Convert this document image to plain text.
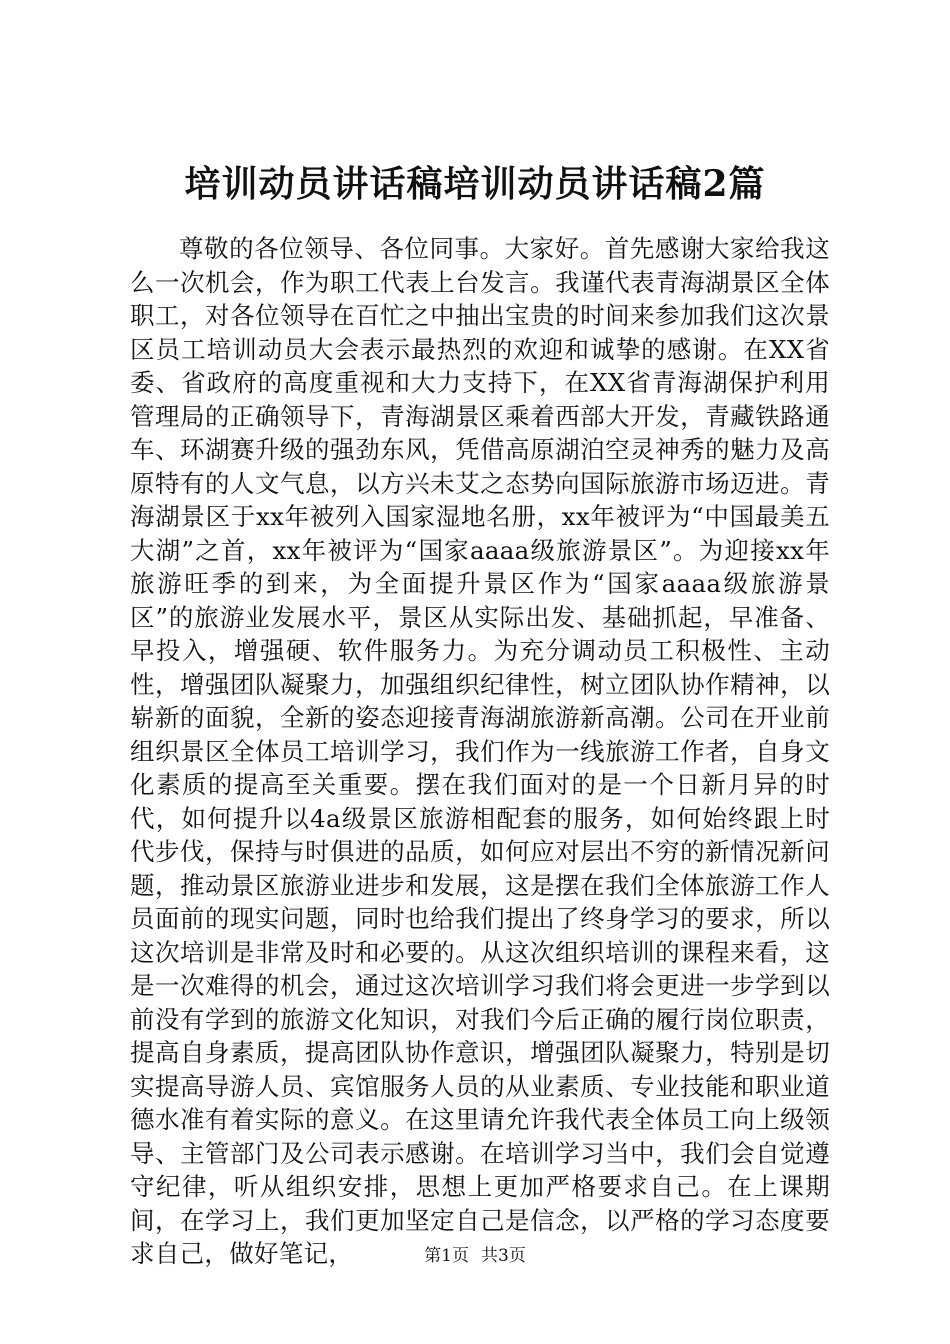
培训动员讲话稿培训动员讲话稿2篇

尊敬的各位领导、各位同事。大家好。首先感谢大家给我这么一次机会，作为职工代表上台发言。我谨代表青海湖景区全体职工，对各位领导在百忙之中抽出宝贵的时间来参加我们这次景区员工培训动员大会表示最热烈的欢迎和诚挚的感谢。在XX省委、省政府的高度重视和大力支持下，在XX省青海湖保护利用管理局的正确领导下，青海湖景区乘着西部大开发，青藏铁路通车、环湖赛升级的强劲东风，凭借高原湖泊空灵神秀的魅力及高原特有的人文气息，以方兴未艾之态势向国际旅游市场迈进。青海湖景区于xx年被列入国家湿地名册，xx年被评为“中国最美五大湖”之首，xx年被评为“国家aaaa级旅游景区”。为迎接xx年旅游旺季的到来，为全面提升景区作为“国家aaaa级旅游景区”的旅游业发展水平，景区从实际出发、基础抓起，早准备、早投入，增强硬、软件服务力。为充分调动员工积极性、主动性，增强团队凝聚力，加强组织纪律性，树立团队协作精神，以崭新的面貌，全新的姿态迎接青海湖旅游新高潮。公司在开业前组织景区全体员工培训学习，我们作为一线旅游工作者，自身文化素质的提高至关重要。摆在我们面对的是一个日新月异的时代，如何提升以4a级景区旅游相配套的服务，如何始终跟上时代步伐，保持与时俱进的品质，如何应对层出不穷的新情况新问题，推动景区旅游业进步和发展，这是摆在我们全体旅游工作人员面前的现实问题，同时也给我们提出了终身学习的要求，所以这次培训是非常及时和必要的。从这次组织培训的课程来看，这是一次难得的机会，通过这次培训学习我们将会更进一步学到以前没有学到的旅游文化知识，对我们今后正确的履行岗位职责，提高自身素质，提高团队协作意识，增强团队凝聚力，特别是切实提高导游人员、宾馆服务人员的从业素质、专业技能和职业道德水准有着实际的意义。在这里请允许我代表全体员工向上级领导、主管部门及公司表示感谢。在培训学习当中，我们会自觉遵守纪律，听从组织安排，思想上更加严格要求自己。在上课期间，在学习上，我们更加坚定自己是信念，以严格的学习态度要求自己，做好笔记，	第1页 共3页
